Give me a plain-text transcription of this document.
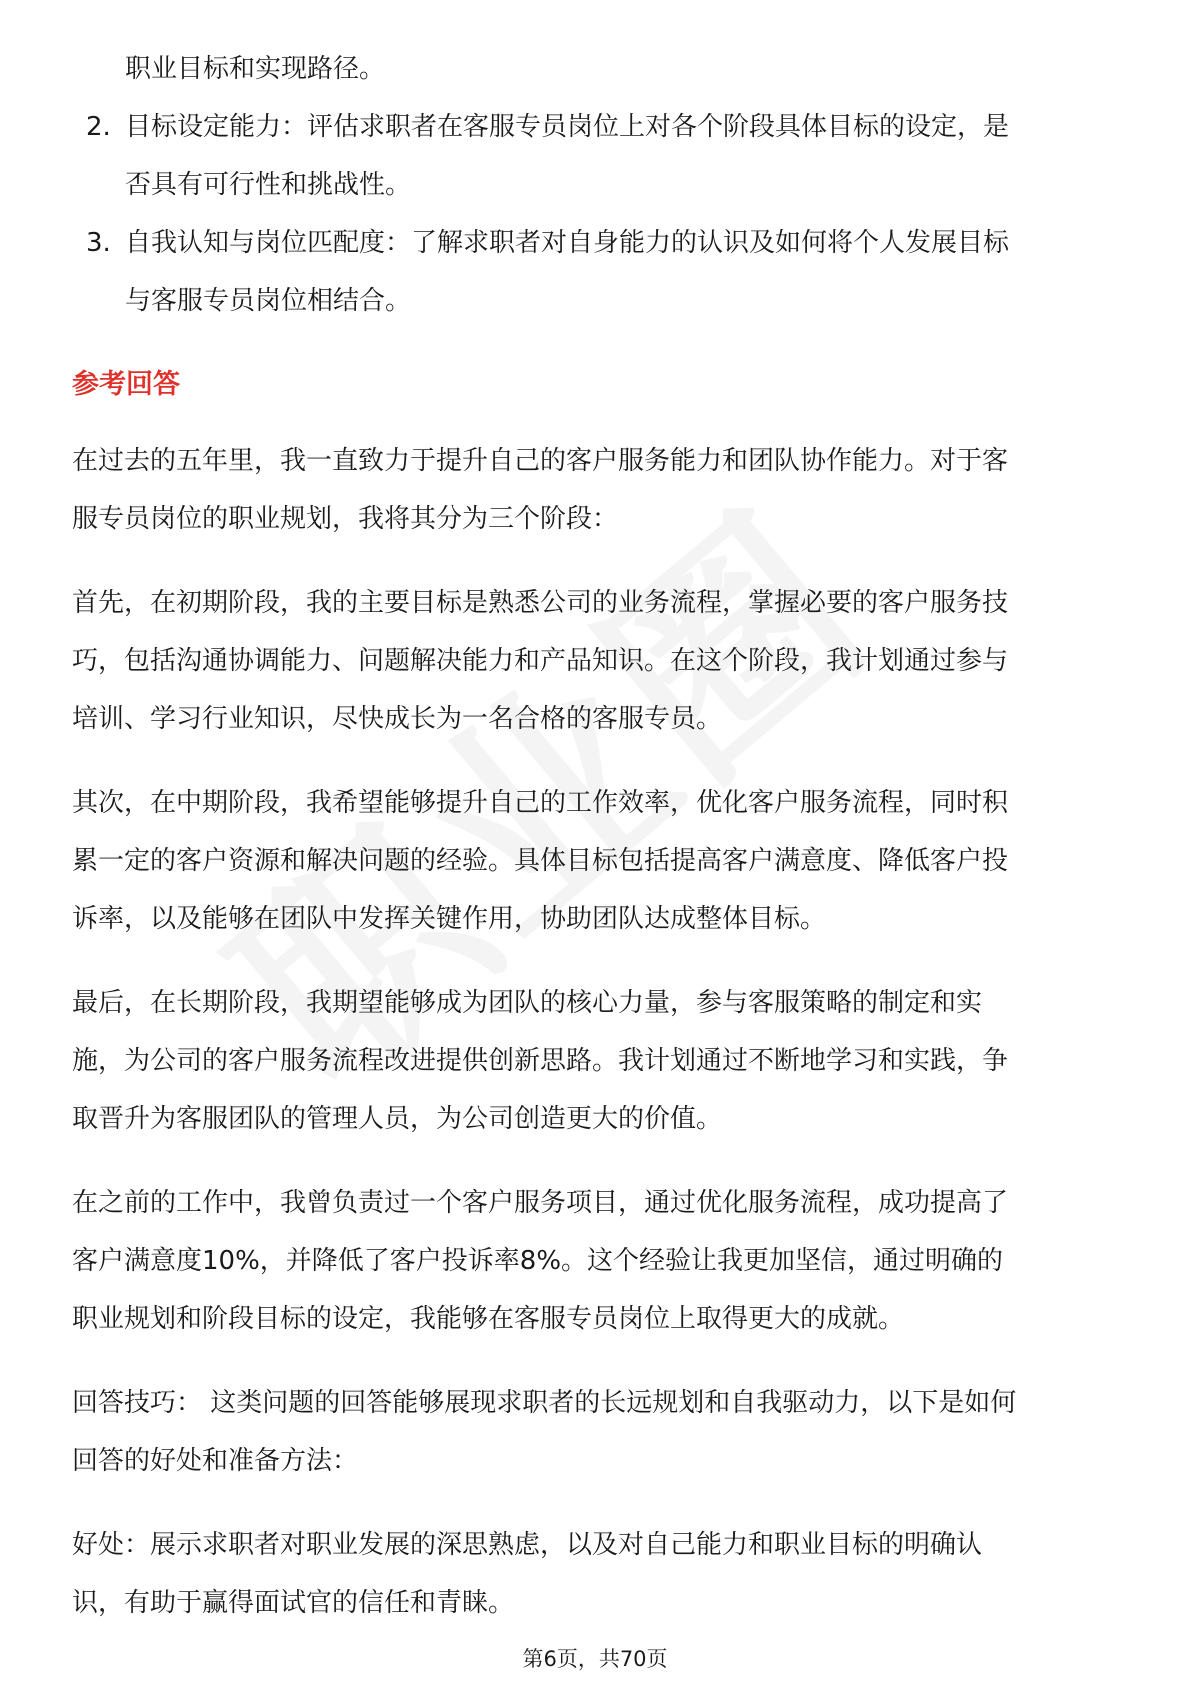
职业目标和实现路径。
2. 目标设定能力：评估求职者在客服专员岗位上对各个阶段具体目标的设定，是
否具有可行性和挑战性。
3. 自我认知与岗位匹配度：了解求职者对自身能力的认识及如何将个人发展目标
与客服专员岗位相结合。
参考回答
在过去的五年里，我一直致力于提升自己的客户服务能力和团队协作能力。对于客
服专员岗位的职业规划，我将其分为三个阶段：
首先，在初期阶段，我的主要目标是熟悉公司的业务流程，掌握必要的客户服务技
巧，包括沟通协调能力、问题解决能力和产品知识。在这个阶段，我计划通过参与
培训、学习行业知识，尽快成长为一名合格的客服专员。
其次，在中期阶段，我希望能够提升自己的工作效率，优化客户服务流程，同时积
累一定的客户资源和解决问题的经验。具体目标包括提高客户满意度、降低客户投
诉率，以及能够在团队中发挥关键作用，协助团队达成整体目标。
最后，在长期阶段，我期望能够成为团队的核心力量，参与客服策略的制定和实
施，为公司的客户服务流程改进提供创新思路。我计划通过不断地学习和实践，争
取晋升为客服团队的管理人员，为公司创造更大的价值。
在之前的工作中，我曾负责过一个客户服务项目，通过优化服务流程，成功提高了
客户满意度10%，并降低了客户投诉率8%。这个经验让我更加坚信，通过明确的
职业规划和阶段目标的设定，我能够在客服专员岗位上取得更大的成就。
回答技巧： 这类问题的回答能够展现求职者的长远规划和自我驱动力，以下是如何
回答的好处和准备方法：
好处：展示求职者对职业发展的深思熟虑，以及对自己能力和职业目标的明确认
识，有助于赢得面试官的信任和青睐。
第6页，共70页
